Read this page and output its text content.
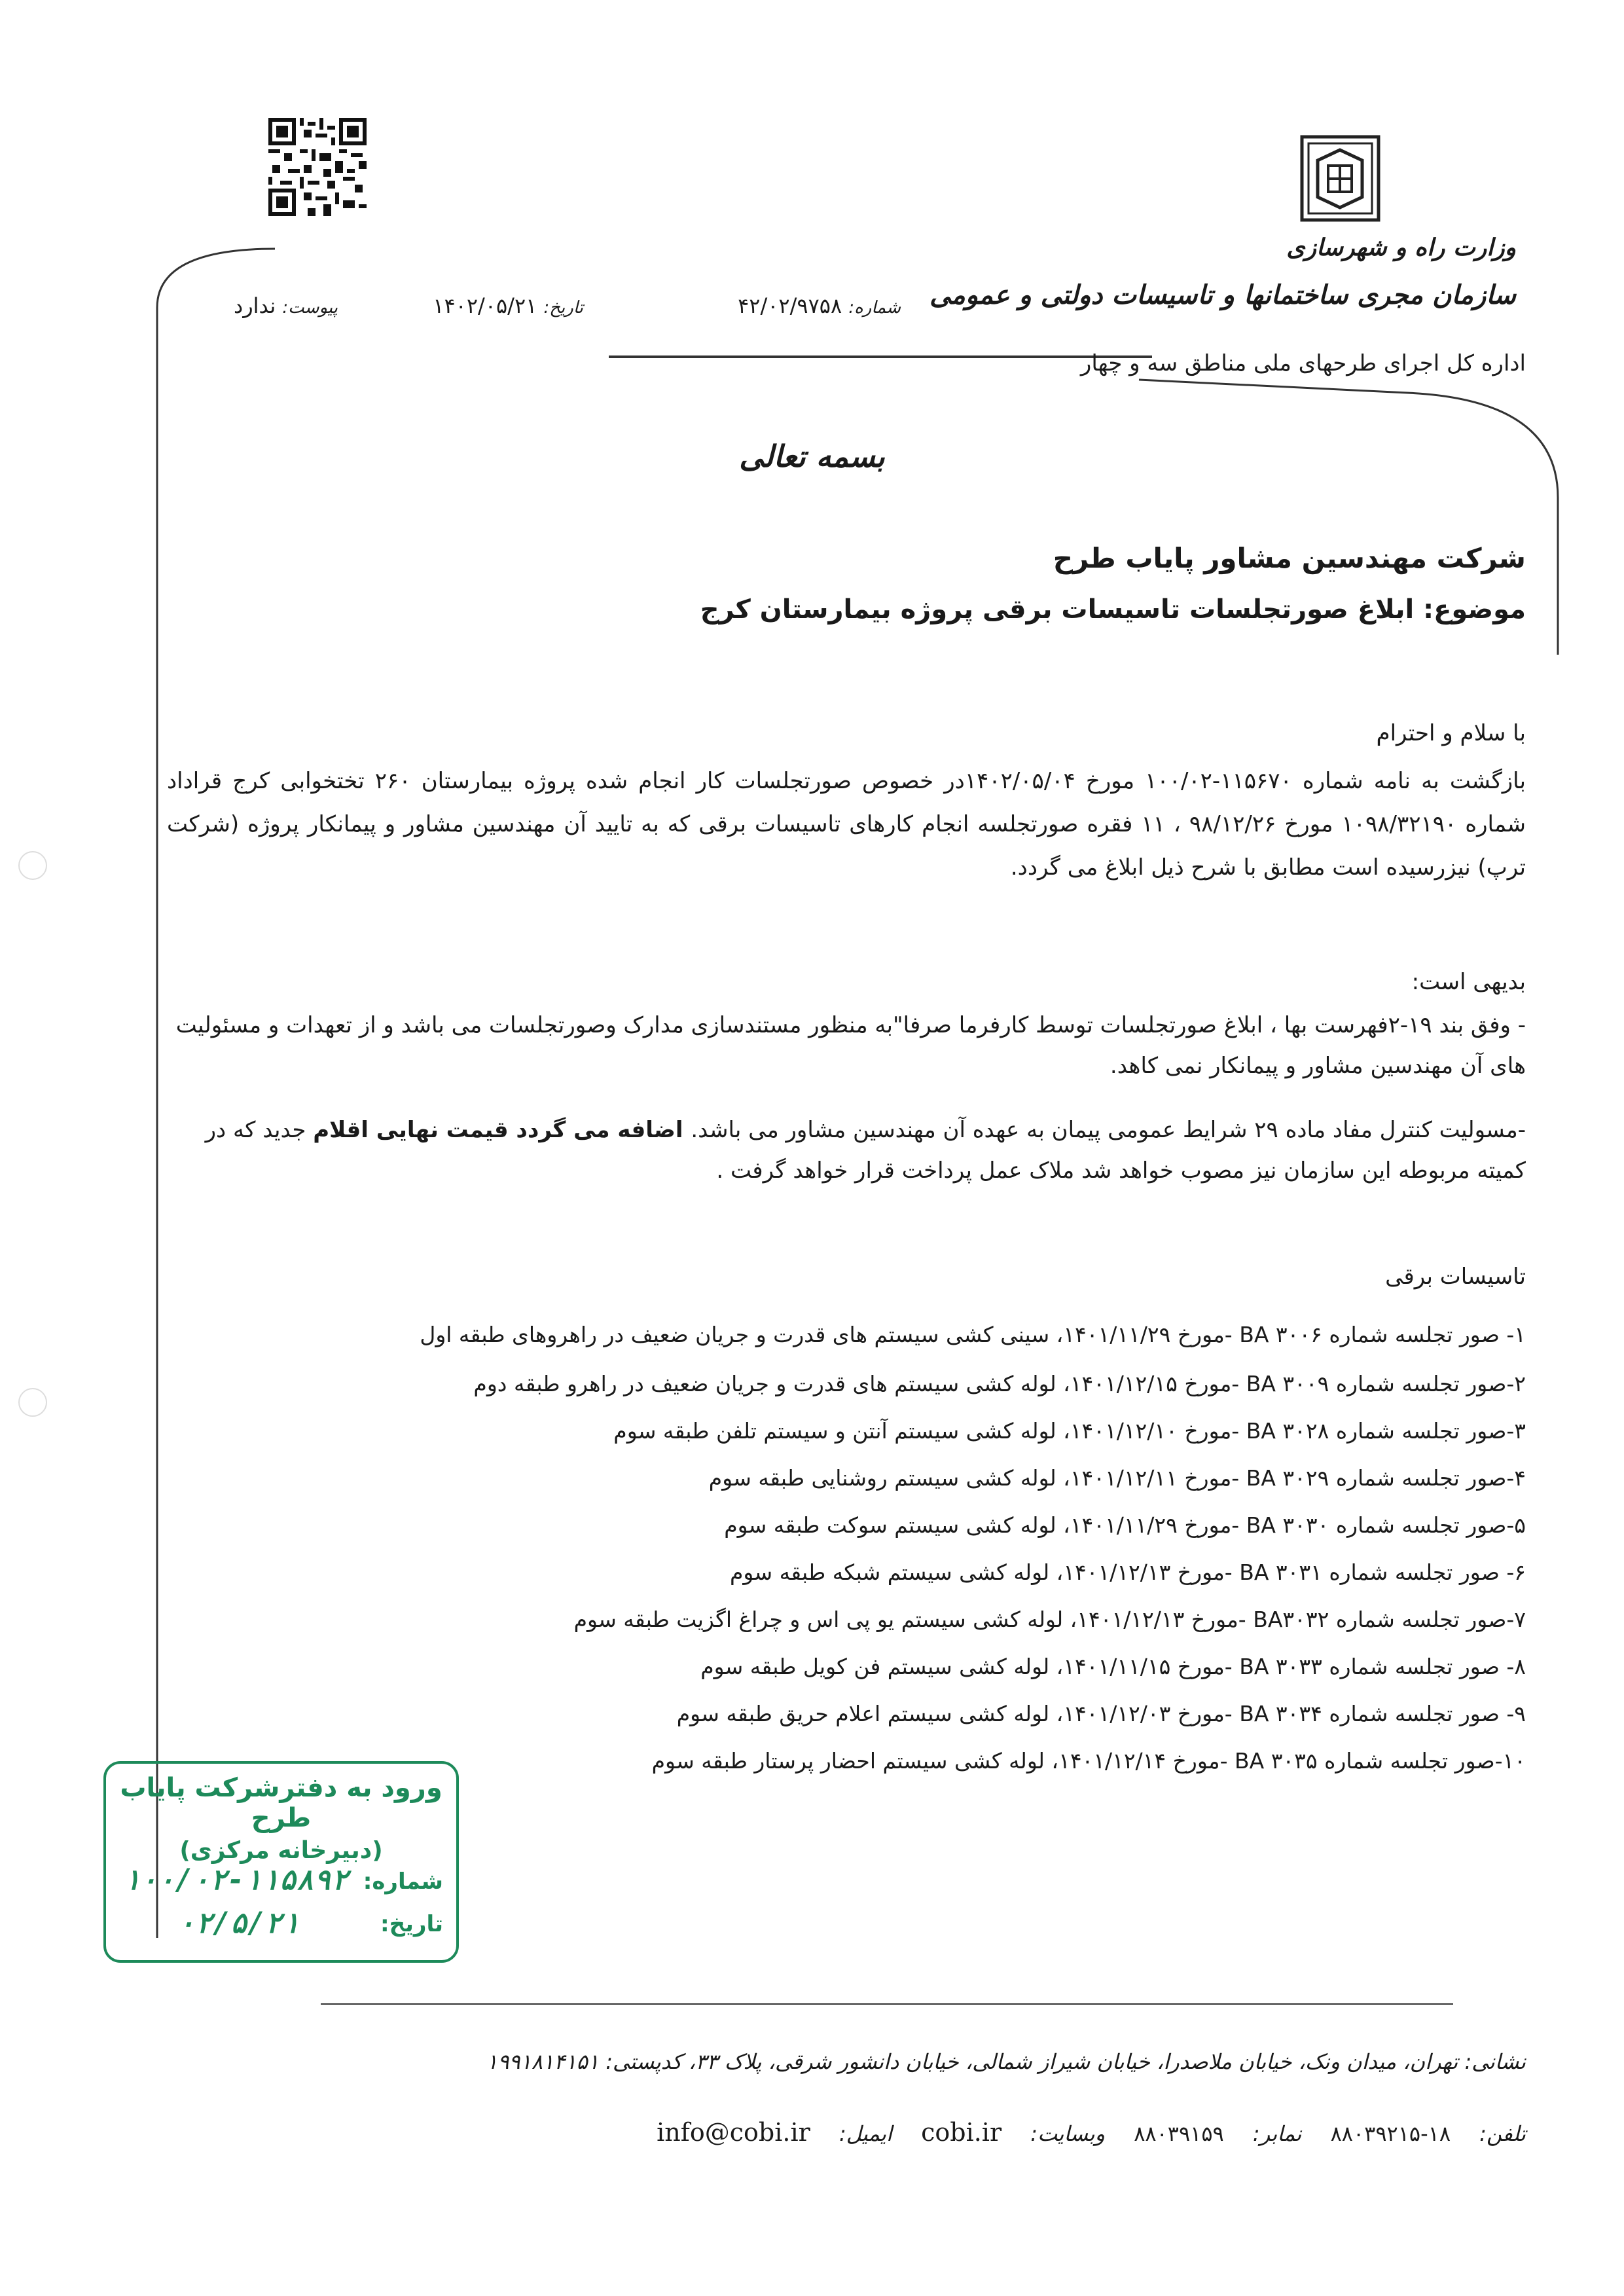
وزارت راه و شهرسازی
سازمان مجری ساختمانها و تاسیسات دولتی و عمومی
اداره کل اجرای طرحهای ملی مناطق سه و چهار
شماره: ۴۲/۰۲/۹۷۵۸
تاریخ: ۱۴۰۲/۰۵/۲۱
پیوست: ندارد
بسمه تعالی
شرکت مهندسین مشاور پایاب طرح
موضوع: ابلاغ صورتجلسات تاسیسات برقی پروژه بیمارستان کرج
با سلام و احترام
بازگشت به نامه شماره ۱۱۵۶۷۰-۱۰۰/۰۲ مورخ ۱۴۰۲/۰۵/۰۴در خصوص صورتجلسات کار انجام شده پروژه بیمارستان ۲۶۰ تختخوابی کرج قراداد شماره ۱۰۹۸/۳۲۱۹۰ مورخ ۹۸/۱۲/۲۶ ، ۱۱ فقره صورتجلسه انجام کارهای تاسیسات برقی که به تایید آن مهندسین مشاور و پیمانکار پروژه (شرکت ترپ) نیزرسیده است مطابق با شرح ذیل ابلاغ می گردد.
بدیهی است:
- وفق بند ۱۹-۲فهرست بها ، ابلاغ صورتجلسات توسط کارفرما صرفا"به منظور مستندسازی مدارک وصورتجلسات می باشد و از تعهدات و مسئولیت های آن مهندسین مشاور و پیمانکار نمی کاهد.
-مسولیت کنترل مفاد ماده ۲۹ شرایط عمومی پیمان به عهده آن مهندسین مشاور می باشد. اضافه می گردد قیمت نهایی اقلام جدید که در کمیته مربوطه این سازمان نیز مصوب خواهد شد ملاک عمل پرداخت قرار خواهد گرفت .
تاسیسات برقی
۱- صور تجلسه شماره BA ۳۰۰۶ -مورخ ۱۴۰۱/۱۱/۲۹، سینی کشی سیستم های قدرت و جریان ضعیف در راهروهای طبقه اول
۲-صور تجلسه شماره BA ۳۰۰۹ -مورخ ۱۴۰۱/۱۲/۱۵، لوله کشی سیستم های قدرت و جریان ضعیف در راهرو طبقه دوم
۳-صور تجلسه شماره BA ۳۰۲۸ -مورخ ۱۴۰۱/۱۲/۱۰، لوله کشی سیستم آنتن و سیستم تلفن طبقه سوم
۴-صور تجلسه شماره BA ۳۰۲۹ -مورخ ۱۴۰۱/۱۲/۱۱، لوله کشی سیستم روشنایی طبقه سوم
۵-صور تجلسه شماره BA ۳۰۳۰ -مورخ ۱۴۰۱/۱۱/۲۹، لوله کشی سیستم سوکت طبقه سوم
۶- صور تجلسه شماره BA ۳۰۳۱ -مورخ ۱۴۰۱/۱۲/۱۳، لوله کشی سیستم شبکه طبقه سوم
۷-صور تجلسه شماره BA۳۰۳۲ -مورخ ۱۴۰۱/۱۲/۱۳، لوله کشی سیستم یو پی اس و چراغ اگزیت طبقه سوم
۸- صور تجلسه شماره BA ۳۰۳۳ -مورخ ۱۴۰۱/۱۱/۱۵، لوله کشی سیستم فن کویل طبقه سوم
۹- صور تجلسه شماره BA ۳۰۳۴ -مورخ ۱۴۰۱/۱۲/۰۳، لوله کشی سیستم اعلام حریق طبقه سوم
۱۰-صور تجلسه شماره BA ۳۰۳۵ -مورخ ۱۴۰۱/۱۲/۱۴، لوله کشی سیستم احضار پرستار طبقه سوم
ورود به دفترشرکت پایاب طرح
(دبیرخانه مرکزی)
شماره:
تاریخ:
۱۰۰/۰۲-۱۱۵۸۹۲
۰۲/۵/۲۱
نشانی: تهران، میدان ونک، خیابان ملاصدرا، خیابان شیراز شمالی، خیابان دانشور شرقی، پلاک ۳۳، کدپستی: ۱۹۹۱۸۱۴۱۵۱
تلفن: ۱۸-۸۸۰۳۹۲۱۵ نمابر: ۸۸۰۳۹۱۵۹ وبسایت: cobi.ir ایمیل: info@cobi.ir
